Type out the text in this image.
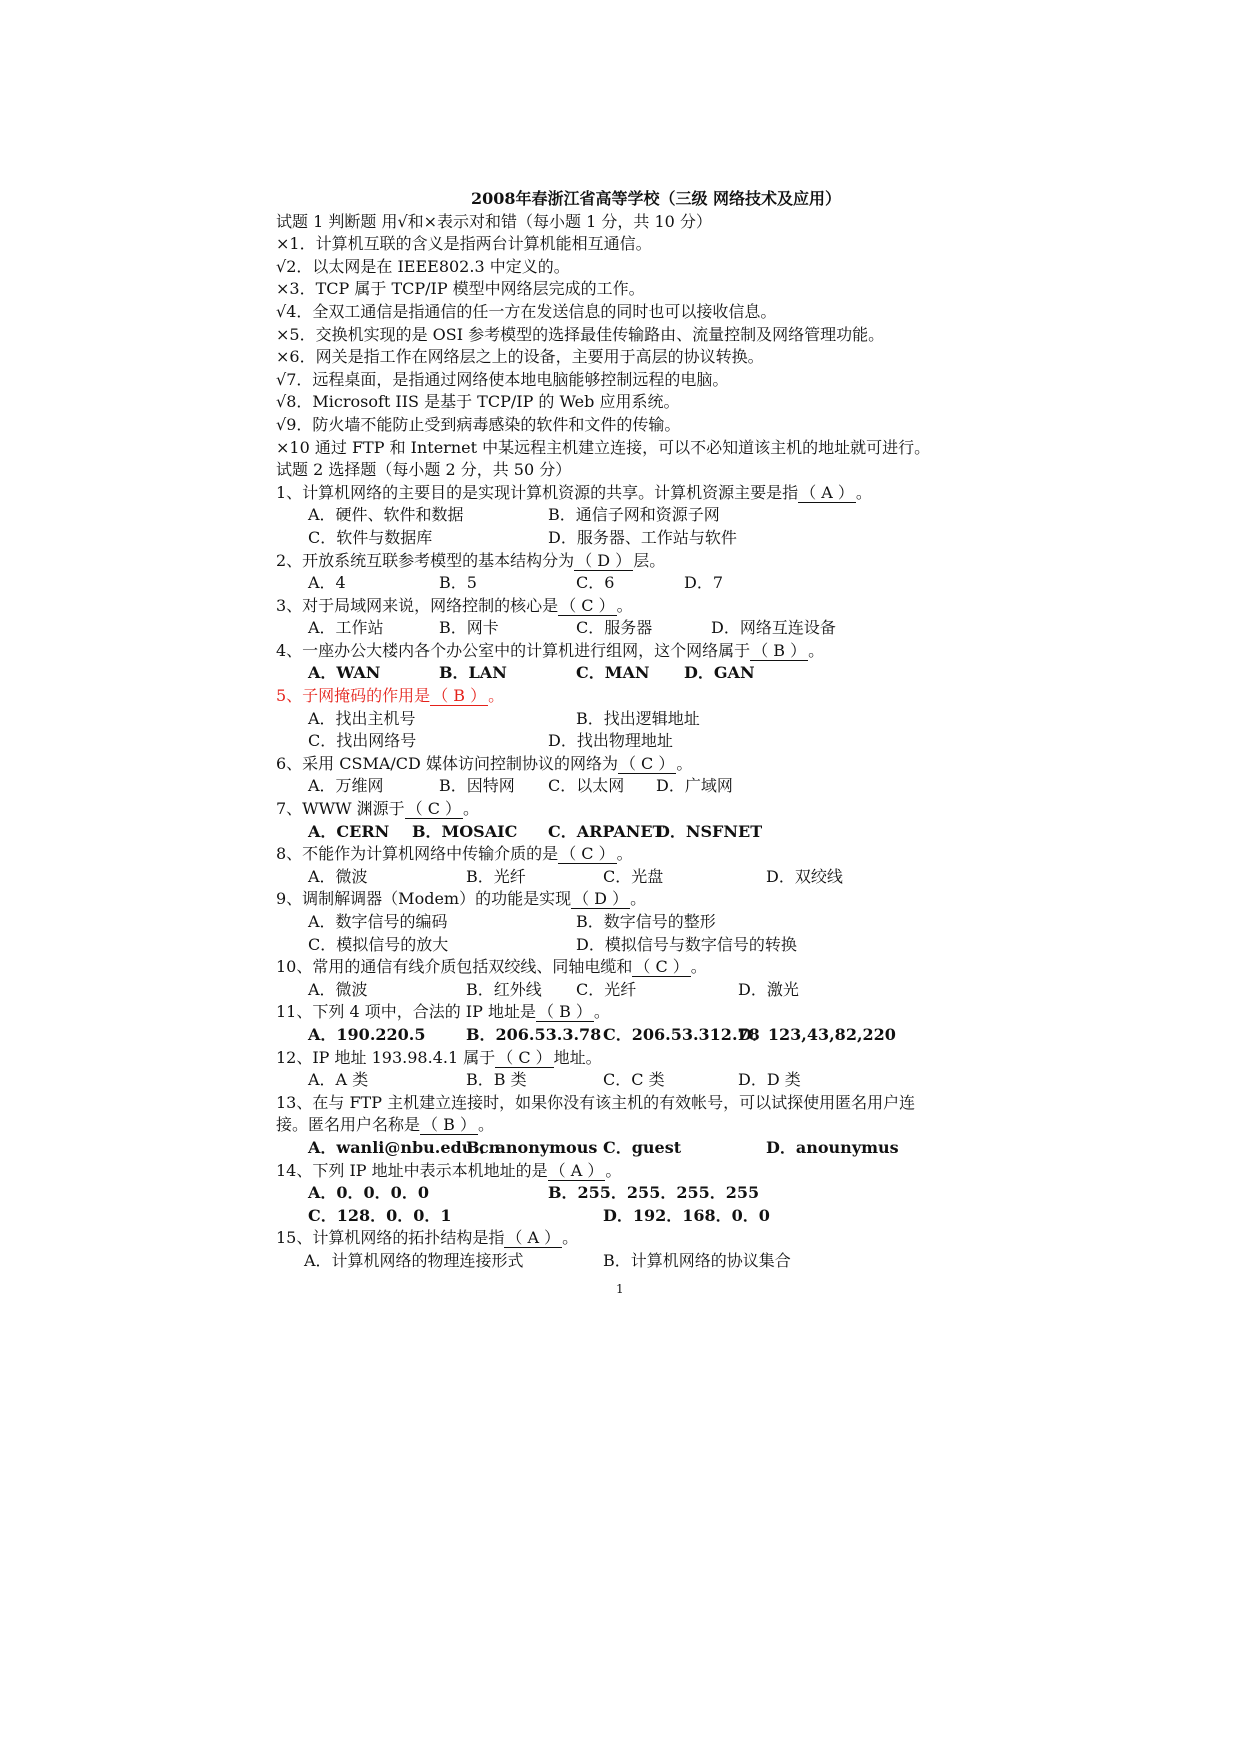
2008年春浙江省高等学校（三级 网络技术及应用）
试题 1 判断题 用√和×表示对和错（每小题 1 分，共 10 分）
×1．计算机互联的含义是指两台计算机能相互通信。
√2．以太网是在 IEEE802.3 中定义的。
×3．TCP 属于 TCP/IP 模型中网络层完成的工作。
√4．全双工通信是指通信的任一方在发送信息的同时也可以接收信息。
×5．交换机实现的是 OSI 参考模型的选择最佳传输路由、流量控制及网络管理功能。
×6．网关是指工作在网络层之上的设备，主要用于高层的协议转换。
√7．远程桌面，是指通过网络使本地电脑能够控制远程的电脑。
√8．Microsoft IIS 是基于 TCP/IP 的 Web 应用系统。
√9．防火墙不能防止受到病毒感染的软件和文件的传输。
×10 通过 FTP 和 Internet 中某远程主机建立连接，可以不必知道该主机的地址就可进行。
试题 2 选择题（每小题 2 分，共 50 分）
1、计算机网络的主要目的是实现计算机资源的共享。计算机资源主要是指 （ A ） 。
A．硬件、软件和数据	B．通信子网和资源子网
C．软件与数据库	D．服务器、工作站与软件
2、开放系统互联参考模型的基本结构分为 （ D ） 层。
A．4	B．5	C．6	D．7
3、对于局域网来说，网络控制的核心是 （ C ） 。
A．工作站	B．网卡	C．服务器	D．网络互连设备
4、一座办公大楼内各个办公室中的计算机进行组网，这个网络属于 （ B ） 。
A．WAN	B．LAN	C．MAN D．GAN
5、子网掩码的作用是 （ B ） 。
A．找出主机号	B．找出逻辑地址
C．找出网络号	D．找出物理地址
6、采用 CSMA/CD 媒体访问控制协议的网络为 （ C ） 。
A．万维网	B．因特网 C．以太网 D．广域网
7、WWW 渊源于 （ C ） 。
A．CERN B．MOSAIC C．ARPANET
D．NSFNET
8、不能作为计算机网络中传输介质的是 （ C ） 。
A．微波	B．光纤	C．光盘	D．双绞线
9、调制解调器（Modem）的功能是实现 （ D ） 。
A．数字信号的编码	B．数字信号的整形
C．模拟信号的放大	D．模拟信号与数字信号的转换
10、常用的通信有线介质包括双绞线、同轴电缆和 （ C ） 。
A．微波	B．红外线 C．光纤	D．激光
11、下列 4 项中，合法的 IP 地址是 （ B ） 。
A．190.220.5	B．206.53.3.78 C．206.53.312.78
D．123,43,82,220
12、IP 地址 193.98.4.1 属于 （ C ） 地址。
A．A 类	B．B 类	C．C 类	D．D 类
13、在与 FTP 主机建立连接时，如果你没有该主机的有效帐号，可以试探使用匿名用户连
接。匿名用户名称是 （ B ） 。
A．wanli@nbu.edu.cn
B．anonymous C．guest	D．anounymus
14、下列 IP 地址中表示本机地址的是 （ A ） 。
A．0．0．0．0	B．255．255．255．255
C．128．0．0．1	D．192．168．0．0
15、计算机网络的拓扑结构是指 （ A ） 。
A．计算机网络的物理连接形式	B．计算机网络的协议集合
1
